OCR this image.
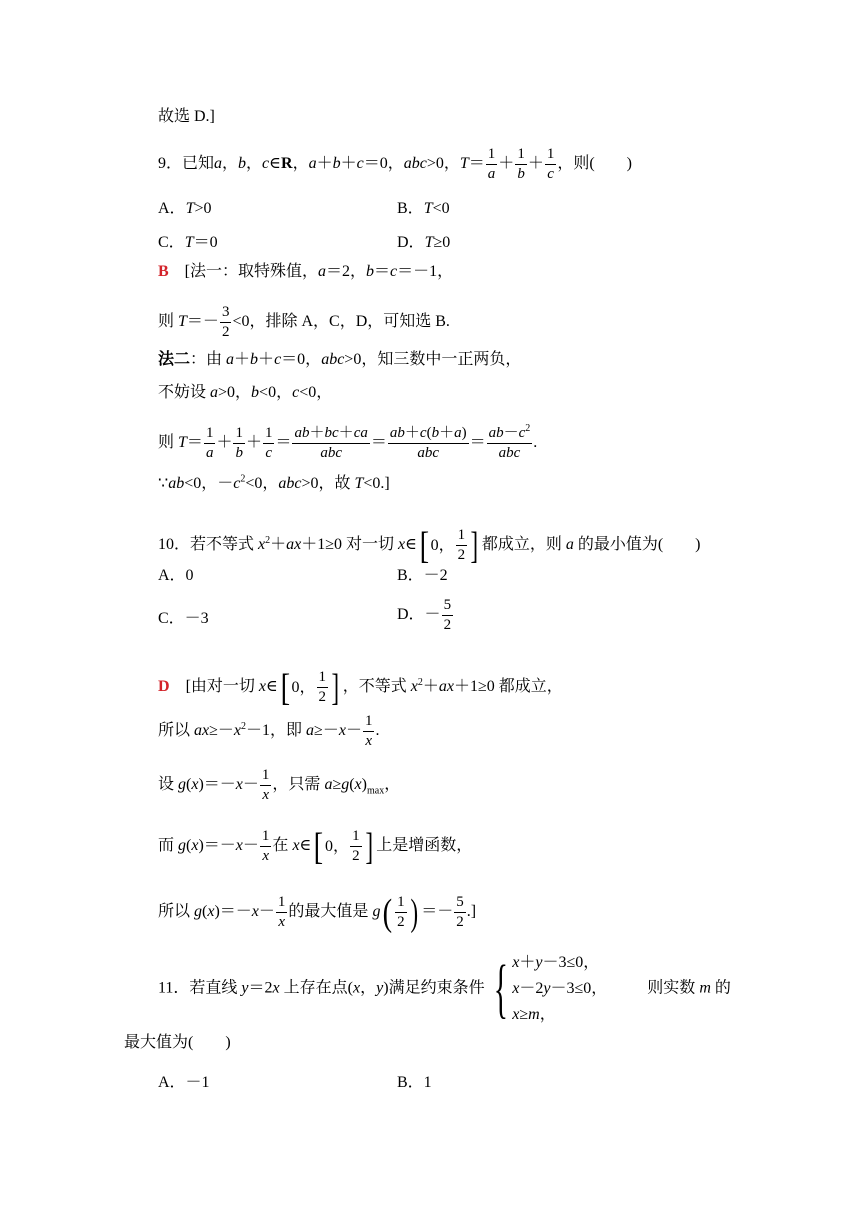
故选 D.]
9．已知a，b，c∈R，a＋b＋c＝0，abc>0，$T= \frac{1}{a} + \frac{1}{b} + \frac{1}{c}$ ，则(　　)
A．T>0	B．T<0
C．T＝0	D．T≥0
B　[法一：取特殊值，a＝2，b＝c＝－1，
则 $T=- \frac{3}{2} <0$，排除 A，C，D，可知选 B.
法二：由 a＋b＋c＝0，abc>0，知三数中一正两负，
不妨设 a>0，b<0，c<0，
则 $T= \frac{1}{a} + \frac{1}{b} + \frac{1}{c} = \frac{ab+bc+ca}{\text{abc}} = \frac{ab+c(b+a)}{\text{abc}} = \frac{ab-c^2}{\text{abc}}$ .
∵ab<0，$-c^2<0$，abc>0，故 T<0.]
10．若不等式 $x^2+ax+1\ge 0$ 对一切 x∈ [ 0， $\frac{1}{2}$ ] 都成立，则 a 的最小值为(　　)
A．0	B．－2
C．－3	D．－ $\frac{5}{2}$
D　[由对一切 x∈ [ 0， $\frac{1}{2}$ ] ，不等式 $x^2+ax+1\ge 0$ 都成立，
所以 $ax\ge-x^2-1$，即 $a\ge-x- \frac{1}{x}$ .
设 $g(x)=-x- \frac{1}{x}$ ，只需 $a\ge g(x)_{max}$，
而 $g(x)=-x- \frac{1}{x}$ 在 x∈ [ 0， $\frac{1}{2}$ ] 上是增函数，
所以 $g(x)=-x- \frac{1}{x}$ 的最大值是 g ( $\frac{1}{2}$ ) ＝－ $\frac{5}{2}$ .]
11．若直线 y＝2x 上存在点(x，y)满足约束条件 { x＋y－3≤0，
x－2y－3≤0，
x≥m，
则实数 m 的
最大值为(　　)
A．－1	B．1
